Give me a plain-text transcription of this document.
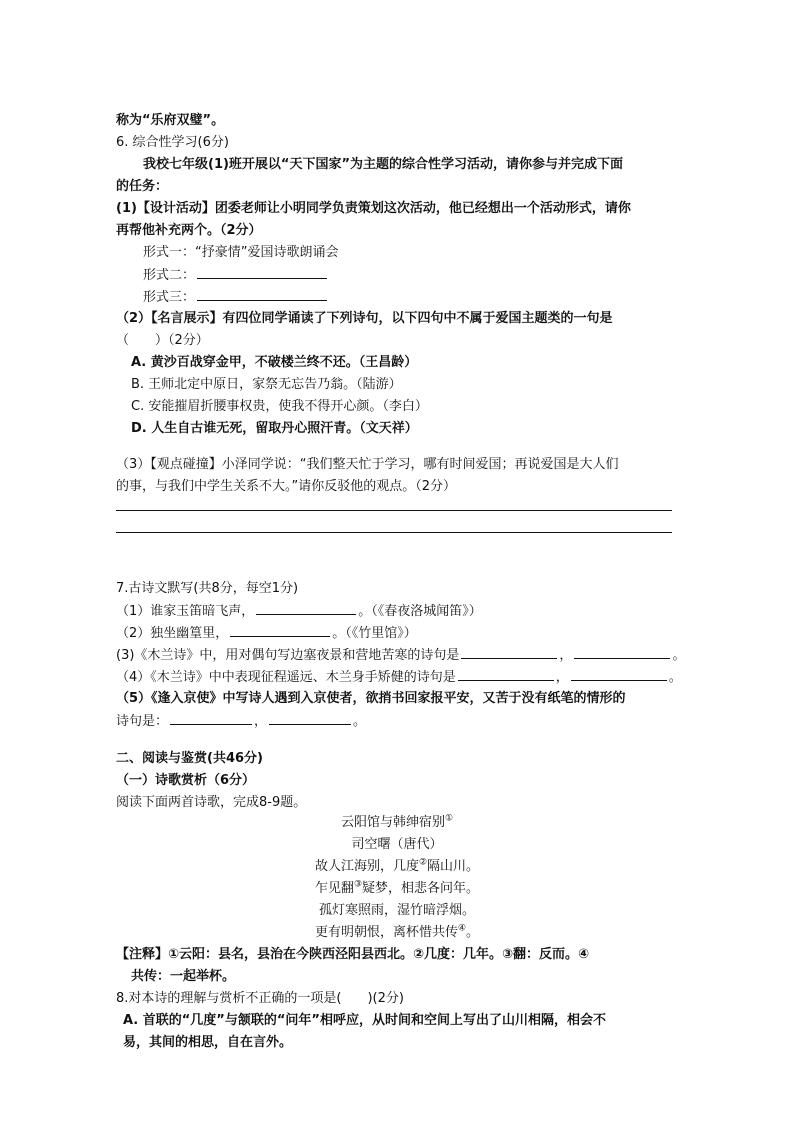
称为“乐府双璧”。
6. 综合性学习(6分)
我校七年级(1)班开展以“天下国家”为主题的综合性学习活动，请你参与并完成下面
的任务：
(1)【设计活动】团委老师让小明同学负责策划这次活动，他已经想出一个活动形式，请你
再帮他补充两个。（2分）
形式一：“抒豪情”爱国诗歌朗诵会
形式二：
形式三：
（2）【名言展示】有四位同学诵读了下列诗句，以下四句中不属于爱国主题类的一句是
（　　）（2分）
A. 黄沙百战穿金甲，不破楼兰终不还。（王昌龄）
B. 王师北定中原日，家祭无忘告乃翁。（陆游）
C. 安能摧眉折腰事权贵，使我不得开心颜。（李白）
D. 人生自古谁无死，留取丹心照汗青。（文天祥）
（3）【观点碰撞】小泽同学说：“我们整天忙于学习，哪有时间爱国；再说爱国是大人们
的事，与我们中学生关系不大。”请你反驳他的观点。（2分）
7.古诗文默写(共8分，每空1分)
（1）谁家玉笛暗飞声，	。（《春夜洛城闻笛》）
（2）独坐幽篁里，	。（《竹里馆》）
(3)《木兰诗》中，用对偶句写边塞夜景和营地苦寒的诗句是	，	。
（4）《木兰诗》中中表现征程遥远、木兰身手矫健的诗句是	，	。
（5）《逢入京使》中写诗人遇到入京使者，欲捎书回家报平安，又苦于没有纸笔的情形的
诗句是：	，	。
二、阅读与鉴赏(共46分)
（一）诗歌赏析（6分）
阅读下面两首诗歌，完成8-9题。
云阳馆与韩绅宿别①
司空曙（唐代）
故人江海别，几度②隔山川。
乍见翻③疑梦，相悲各问年。
孤灯寒照雨，湿竹暗浮烟。
更有明朝恨，离杯惜共传④。
【注释】①云阳：县名，县治在今陕西泾阳县西北。②几度：几年。③翻：反而。④
共传：一起举杯。
8.对本诗的理解与赏析不正确的一项是(　　)(2分)
A. 首联的“几度”与颔联的“问年”相呼应，从时间和空间上写出了山川相隔，相会不
易，其间的相思，自在言外。
